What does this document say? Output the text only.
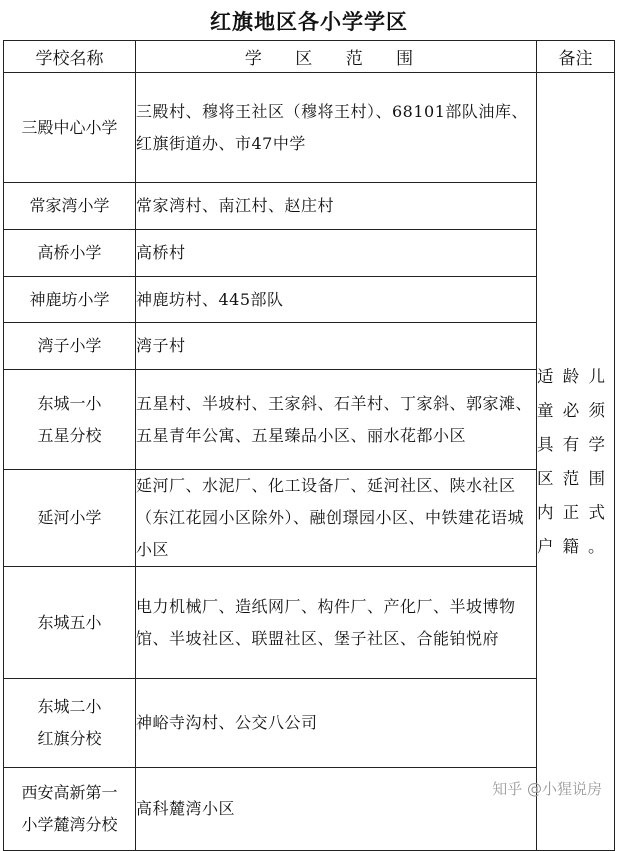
红旗地区各小学学区
学校名称	学 区 范 围	备注

三殿中心小学	三殿村、穆将王社区（穆将王村）、68101部队油库、红旗街道办、市47中学	适龄儿童必须具有学区范围内正式户籍。

常家湾小学	常家湾村、南江村、赵庄村	

高桥小学	高桥村	

神鹿坊小学	神鹿坊村、445部队	

湾子小学	湾子村	

东城一小
五星分校	五星村、半坡村、王家斜、石羊村、丁家斜、郭家滩、五星青年公寓、五星臻品小区、丽水花都小区	

延河小学	延河厂、水泥厂、化工设备厂、延河社区、陕水社区（东江花园小区除外）、融创璟园小区、中铁建花语城小区	

东城五小	电力机械厂、造纸网厂、构件厂、产化厂、半坡博物馆、半坡社区、联盟社区、堡子社区、合能铂悦府	

东城二小
红旗分校	神峪寺沟村、公交八公司	

西安高新第一
小学麓湾分校	高科麓湾小区	
知乎 @小猩说房
